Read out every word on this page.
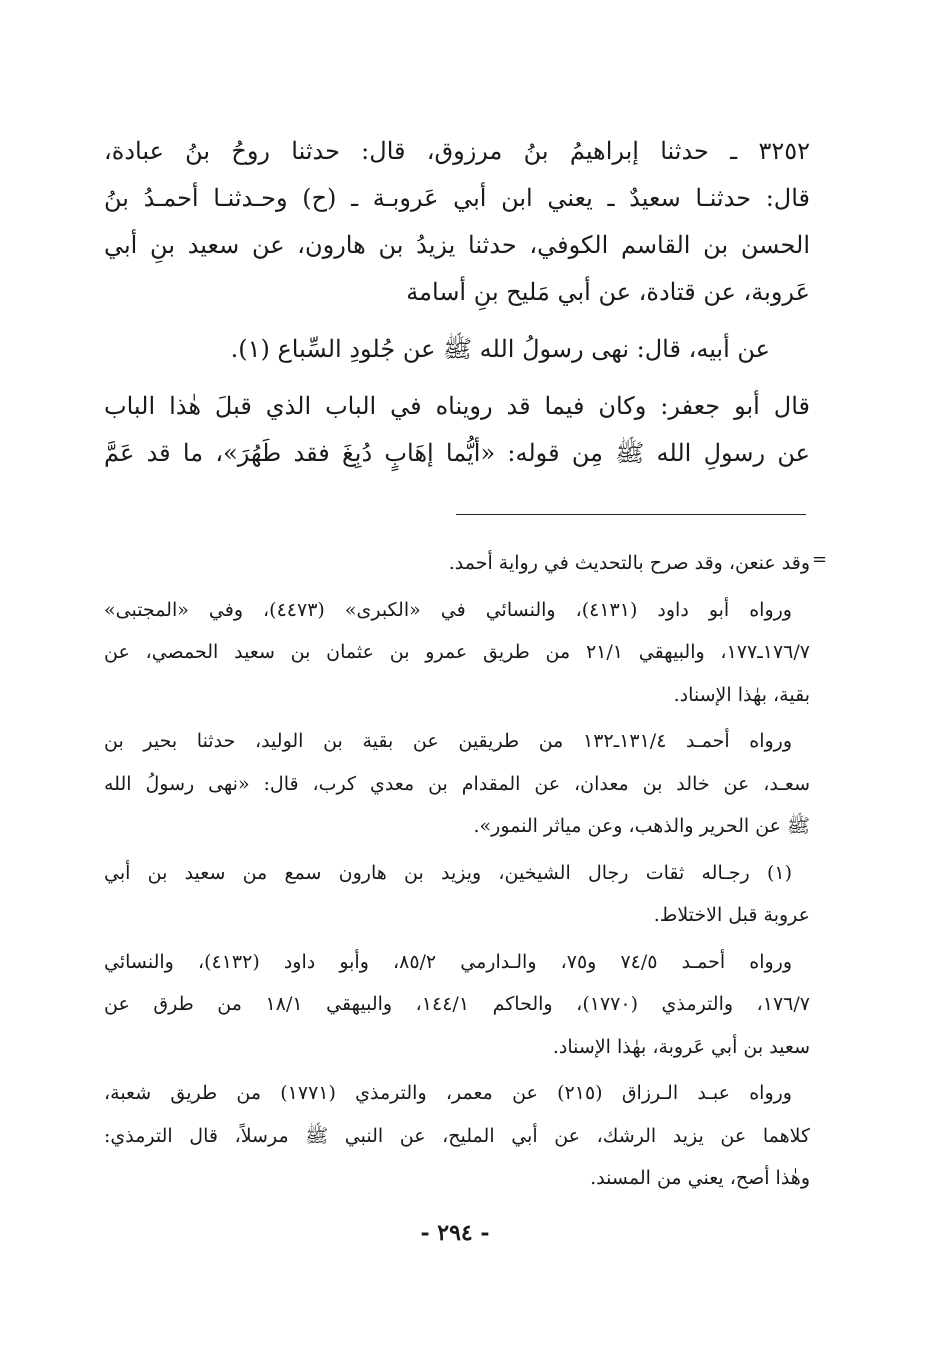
٣٢٥٢ ـ حدثنا إبراهيمُ بنُ مرزوق، قال: حدثنا روحُ بنُ عبادة،
قال: حدثنـا سعيدٌ ـ يعني ابن أبي عَروبـة ـ (ح) وحـدثنـا أحمـدُ بنُ
الحسن بن القاسم الكوفي، حدثنا يزيدُ بن هارون، عن سعيد بنِ أبي
عَروبة، عن قتادة، عن أبي مَليح بنِ أسامة
عن أبيه، قال: نهى رسولُ الله ﷺ عن جُلودِ السِّباع (١).
قال أبو جعفر: وكان فيما قد رويناه في الباب الذي قبلَ هٰذا الباب
عن رسولِ الله ﷺ مِن قوله: «أيُّما إهَابٍ دُبِغَ فقد طَهُرَ»، ما قد عَمَّ
=
وقد عنعن، وقد صرح بالتحديث في رواية أحمد.
ورواه أبو داود (٤١٣١)، والنسائي في «الكبرى» (٤٤٧٣)، وفي «المجتبى»
١٧٦/٧ـ١٧٧، والبيهقي ٢١/١ من طريق عمرو بن عثمان بن سعيد الحمصي، عن
بقية، بهٰذا الإسناد.
ورواه أحمـد ١٣١/٤ـ١٣٢ من طريقين عن بقية بن الوليد، حدثنا بحير بن
سعـد، عن خالد بن معدان، عن المقدام بن معدي كرب، قال: «نهى رسولُ الله
ﷺ عن الحرير والذهب، وعن مياثر النمور».
(١) رجـاله ثقات رجال الشيخين، ويزيد بن هارون سمع من سعيد بن أبي
عروبة قبل الاختلاط.
ورواه أحمـد ٧٤/٥ و٧٥، والـدارمي ٨٥/٢، وأبو داود (٤١٣٢)، والنسائي
١٧٦/٧، والترمذي (١٧٧٠)، والحاكم ١٤٤/١، والبيهقي ١٨/١ من طرق عن
سعيد بن أبي عَروبة، بهٰذا الإسناد.
ورواه عبـد الـرزاق (٢١٥) عن معمر، والترمذي (١٧٧١) من طريق شعبة،
كلاهما عن يزيد الرشك، عن أبي المليح، عن النبي ﷺ مرسلاً، قال الترمذي:
وهٰذا أصح، يعني من المسند.
- ٢٩٤ -
